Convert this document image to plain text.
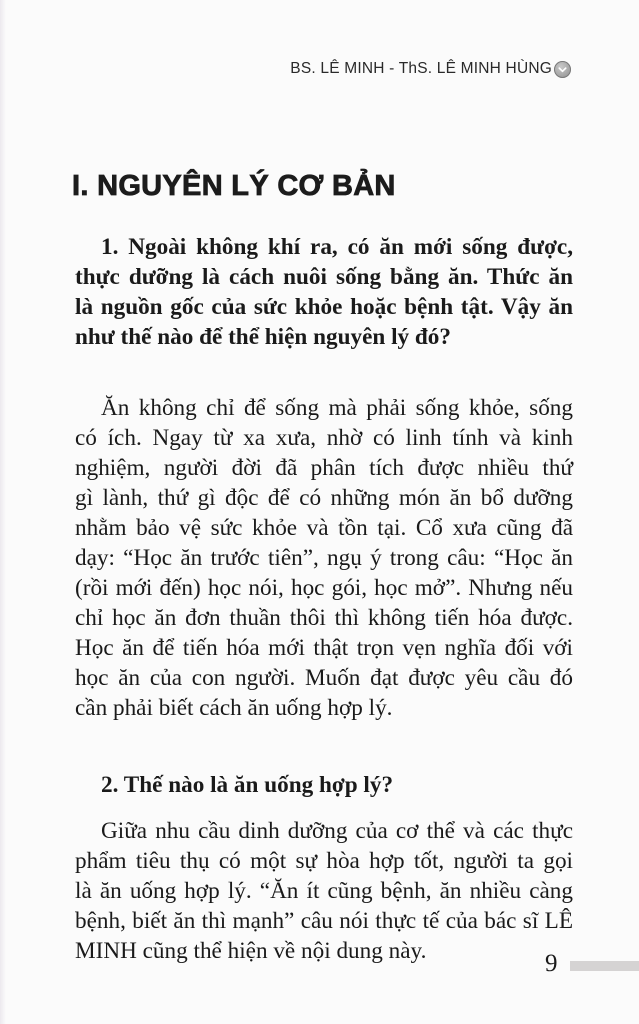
BS. LÊ MINH - ThS. LÊ MINH HÙNG
I. NGUYÊN LÝ CƠ BẢN

1. Ngoài không khí ra, có ăn mới sống được,
thực dưỡng là cách nuôi sống bằng ăn. Thức ăn
là nguồn gốc của sức khỏe hoặc bệnh tật. Vậy ăn
như thế nào để thể hiện nguyên lý đó?

Ăn không chỉ để sống mà phải sống khỏe, sống
có ích. Ngay từ xa xưa, nhờ có linh tính và kinh
nghiệm, người đời đã phân tích được nhiều thứ
gì lành, thứ gì độc để có những món ăn bổ dưỡng
nhằm bảo vệ sức khỏe và tồn tại. Cổ xưa cũng đã
dạy: “Học ăn trước tiên”, ngụ ý trong câu: “Học ăn
(rồi mới đến) học nói, học gói, học mở”. Nhưng nếu
chỉ học ăn đơn thuần thôi thì không tiến hóa được.
Học ăn để tiến hóa mới thật trọn vẹn nghĩa đối với
học ăn của con người. Muốn đạt được yêu cầu đó
cần phải biết cách ăn uống hợp lý.

2. Thế nào là ăn uống hợp lý?

Giữa nhu cầu dinh dưỡng của cơ thể và các thực
phẩm tiêu thụ có một sự hòa hợp tốt, người ta gọi
là ăn uống hợp lý. “Ăn ít cũng bệnh, ăn nhiều càng
bệnh, biết ăn thì mạnh” câu nói thực tế của bác sĩ LÊ
MINH cũng thể hiện về nội dung này.	9
